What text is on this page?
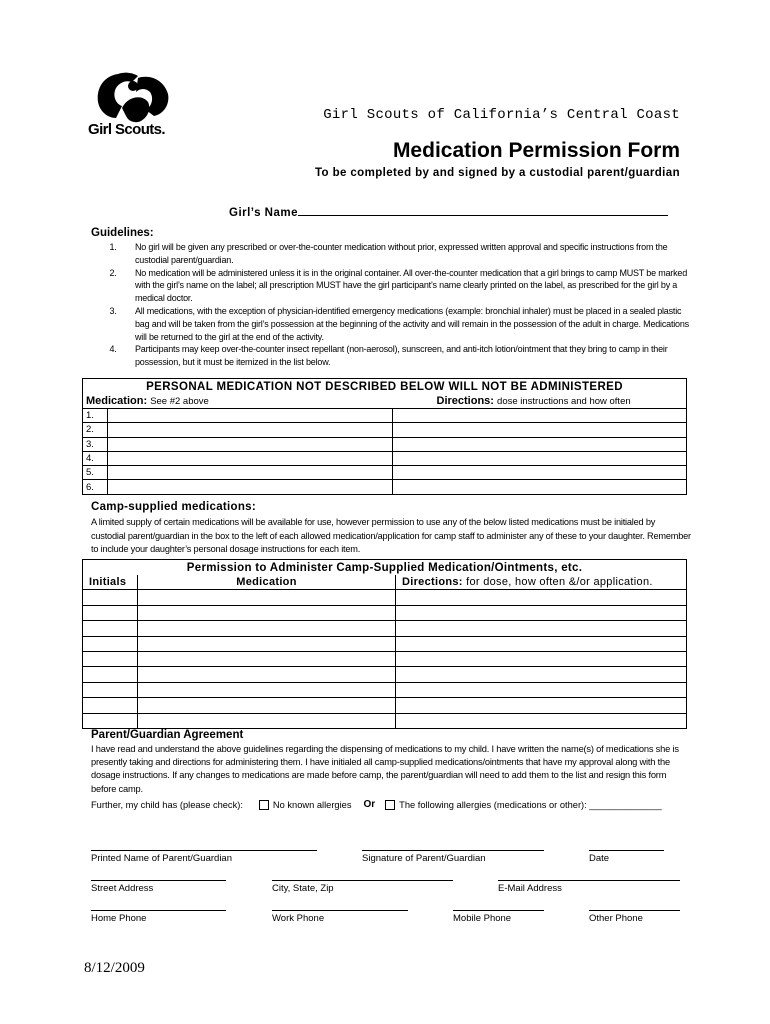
Girl Scouts.
Girl Scouts of California’s Central Coast
Medication Permission Form
To be completed by and signed by a custodial parent/guardian
Girl’s Name
Guidelines:
1.	No girl will be given any prescribed or over-the-counter medication without prior, expressed written approval and specific instructions from the custodial parent/guardian.
2.	No medication will be administered unless it is in the original container. All over-the-counter medication that a girl brings to camp MUST be marked with the girl’s name on the label; all prescription MUST have the girl participant’s name clearly printed on the label, as prescribed for the girl by a medical doctor.
3.	All medications, with the exception of physician-identified emergency medications (example: bronchial inhaler) must be placed in a sealed plastic bag and will be taken from the girl’s possession at the beginning of the activity and will remain in the possession of the adult in charge. Medications will be returned to the girl at the end of the activity.
4.	Participants may keep over-the-counter insect repellant (non-aerosol), sunscreen, and anti-itch lotion/ointment that they bring to camp in their possession, but it must be itemized in the list below.
PERSONAL MEDICATION NOT DESCRIBED BELOW WILL NOT BE ADMINISTERED		
Medication: See #2 above		Directions: dose instructions and how often
1.		
2.		
3.		
4.		
5.		
6.		
Camp-supplied medications:
A limited supply of certain medications will be available for use, however permission to use any of the below listed medications must be initialed by custodial parent/guardian in the box to the left of each allowed medication/application for camp staff to administer any of these to your daughter. Remember to include your daughter’s personal dosage instructions for each item.
Permission to Administer Camp-Supplied Medication/Ointments, etc.		
Initials	Medication	Directions: for dose, how often &/or application.

Parent/Guardian Agreement
I have read and understand the above guidelines regarding the dispensing of medications to my child. I have written the name(s) of medications she is presently taking and directions for administering them. I have initialed all camp-supplied medications/ointments that have my approval along with the dosage instructions. If any changes to medications are made before camp, the parent/guardian will need to add them to the list and resign this form before camp.
Further, my child has (please check):	No known allergies Or	The following allergies (medications or other): ______________
Printed Name of Parent/Guardian	Signature of Parent/Guardian	Date
Street Address	City, State, Zip	E-Mail Address
Home Phone	Work Phone	Mobile Phone	Other Phone
8/12/2009
